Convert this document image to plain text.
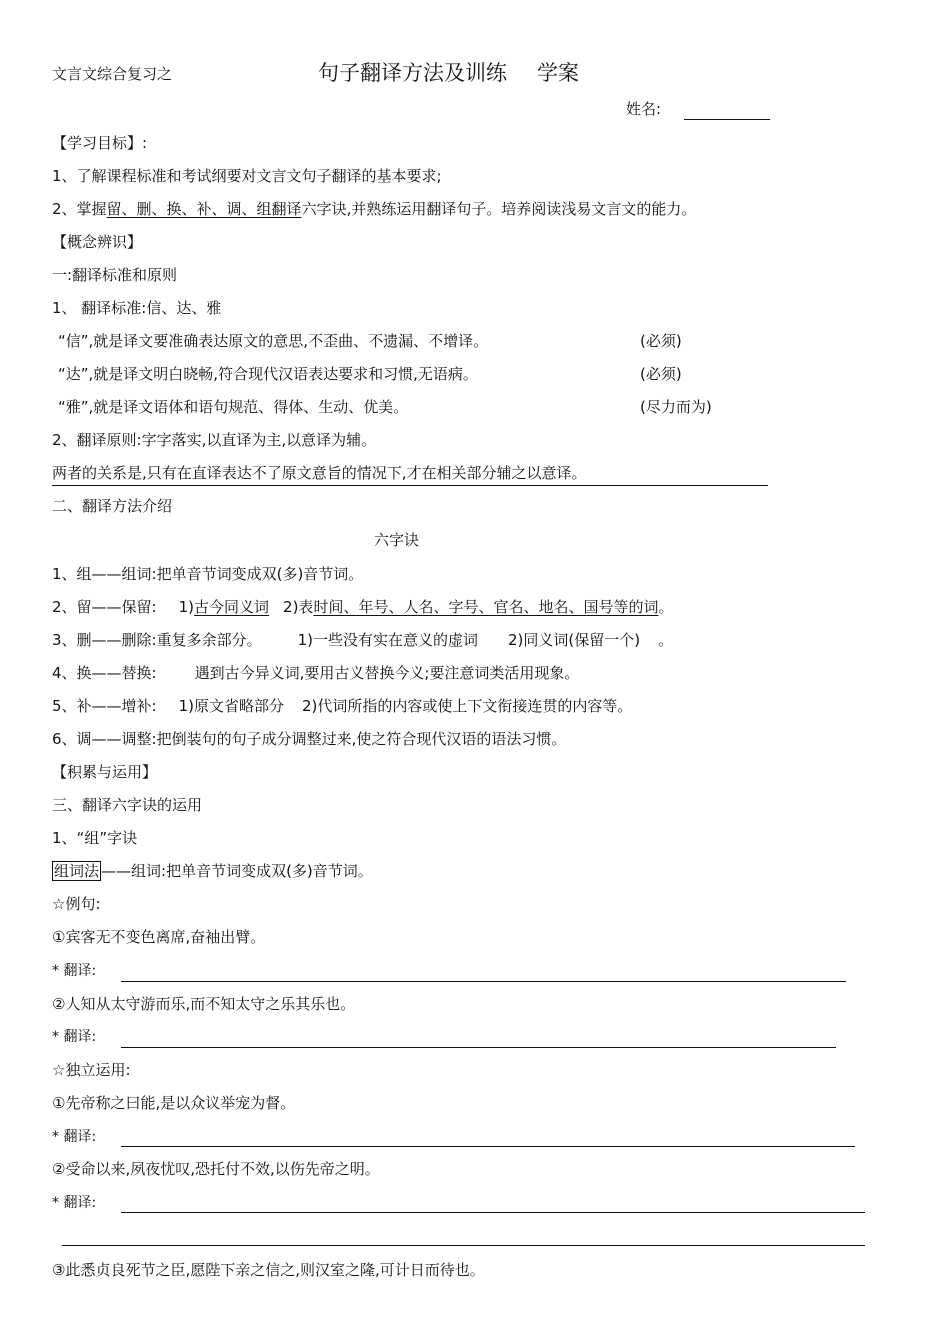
文言文综合复习之	句子翻译方法及训练 学案
姓名:
【学习目标】:
1、了解课程标准和考试纲要对文言文句子翻译的基本要求;
2、掌握留、删、换、补、调、组翻译六字诀,并熟练运用翻译句子。培养阅读浅易文言文的能力。
【概念辨识】
一:翻译标准和原则
1、 翻译标准:信、达、雅
“信”,就是译文要准确表达原文的意思,不歪曲、不遗漏、不增译。	(必须)
“达”,就是译文明白晓畅,符合现代汉语表达要求和习惯,无语病。	(必须)
“雅”,就是译文语体和语句规范、得体、生动、优美。	(尽力而为)
2、翻译原则:字字落实,以直译为主,以意译为辅。
两者的关系是,只有在直译表达不了原文意旨的情况下,才在相关部分辅之以意译。
二、翻译方法介绍
六字诀
1、组——组词:把单音节词变成双(多)音节词。
2、留——保留: 1)古今同义词 2)表时间、年号、人名、字号、官名、地名、国号等的词。
3、删——删除:重复多余部分。 1)一些没有实在意义的虚词 2)同义词(保留一个) 。
4、换——替换:	遇到古今异义词,要用古义替换今义;要注意词类活用现象。
5、补——增补: 1)原文省略部分 2)代词所指的内容或使上下文衔接连贯的内容等。
6、调——调整:把倒装句的句子成分调整过来,使之符合现代汉语的语法习惯。
【积累与运用】
三、翻译六字诀的运用
1、“组”字诀
组词法 ——组词:把单音节词变成双(多)音节词。
☆例句:
①宾客无不变色离席,奋袖出臂。
* 翻译:
②人知从太守游而乐,而不知太守之乐其乐也。
* 翻译:
☆独立运用:
①先帝称之曰能,是以众议举宠为督。
* 翻译:
②受命以来,夙夜忧叹,恐托付不效,以伤先帝之明。
* 翻译:
③此悉贞良死节之臣,愿陛下亲之信之,则汉室之隆,可计日而待也。
